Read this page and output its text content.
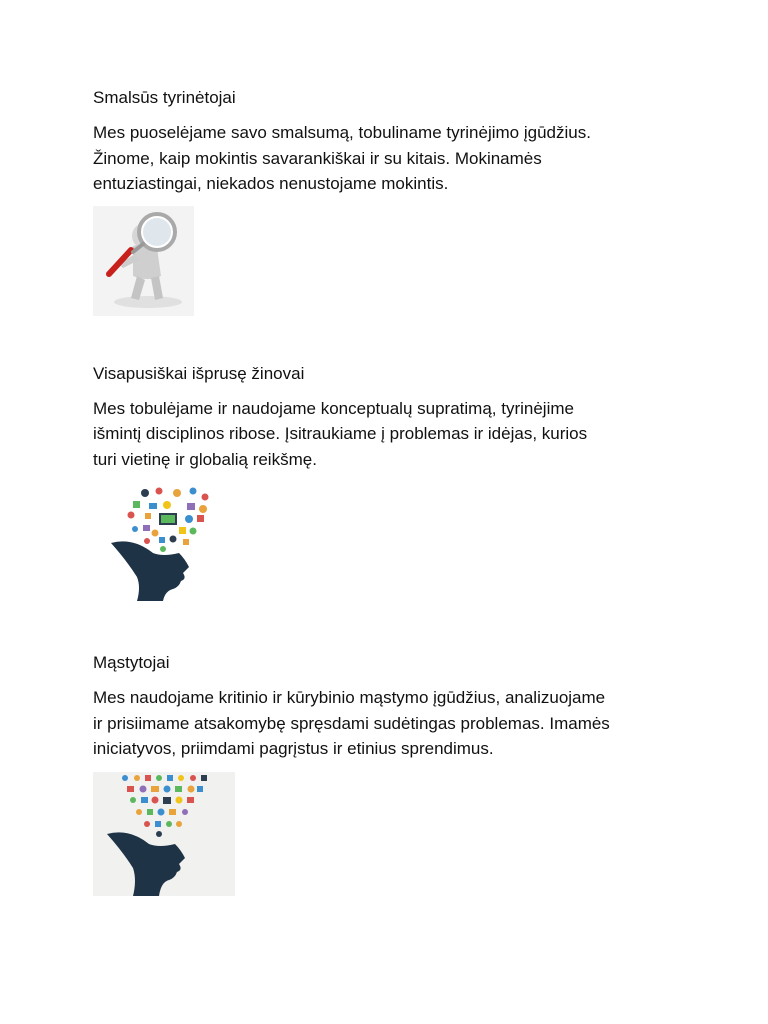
Smalsūs tyrinėtojai

Mes puoselėjame savo smalsumą, tobuliname tyrinėjimo įgūdžius.
Žinome, kaip mokintis savarankiškai ir su kitais. Mokinamės
entuziastingai, niekados nenustojame mokintis.

Visapusiškai išprusę žinovai

Mes tobulėjame ir naudojame konceptualų supratimą, tyrinėjime
išmintį disciplinos ribose. Įsitraukiame į problemas ir idėjas, kurios
turi vietinę ir globalią reikšmę.

Mąstytojai

Mes naudojame kritinio ir kūrybinio mąstymo įgūdžius, analizuojame
ir prisiimame atsakomybę spręsdami sudėtingas problemas. Imamės
iniciatyvos, priimdami pagrįstus ir etinius sprendimus.
